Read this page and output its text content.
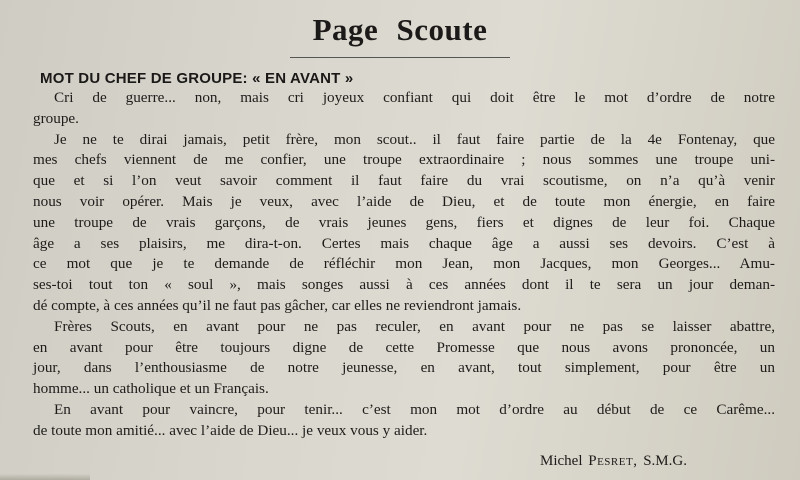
Page Scoute
MOT DU CHEF DE GROUPE: « EN AVANT »
Cri de guerre... non, mais cri joyeux confiant qui doit être le mot d’ordre de notre
groupe.
Je ne te dirai jamais, petit frère, mon scout.. il faut faire partie de la 4e Fontenay, que
mes chefs viennent de me confier, une troupe extraordinaire ; nous sommes une troupe uni-
que et si l’on veut savoir comment il faut faire du vrai scoutisme, on n’a qu’à venir
nous voir opérer. Mais je veux, avec l’aide de Dieu, et de toute mon énergie, en faire
une troupe de vrais garçons, de vrais jeunes gens, fiers et dignes de leur foi. Chaque
âge a ses plaisirs, me dira-t-on. Certes mais chaque âge a aussi ses devoirs. C’est à
ce mot que je te demande de réfléchir mon Jean, mon Jacques, mon Georges... Amu-
ses-toi tout ton « soul », mais songes aussi à ces années dont il te sera un jour deman-
dé compte, à ces années qu’il ne faut pas gâcher, car elles ne reviendront jamais.
Frères Scouts, en avant pour ne pas reculer, en avant pour ne pas se laisser abattre,
en avant pour être toujours digne de cette Promesse que nous avons prononcée, un
jour, dans l’enthousiasme de notre jeunesse, en avant, tout simplement, pour être un
homme... un catholique et un Français.
En avant pour vaincre, pour tenir... c’est mon mot d’ordre au début de ce Carême...
de toute mon amitié... avec l’aide de Dieu... je veux vous y aider.
Michel Pesret, S.M.G.
